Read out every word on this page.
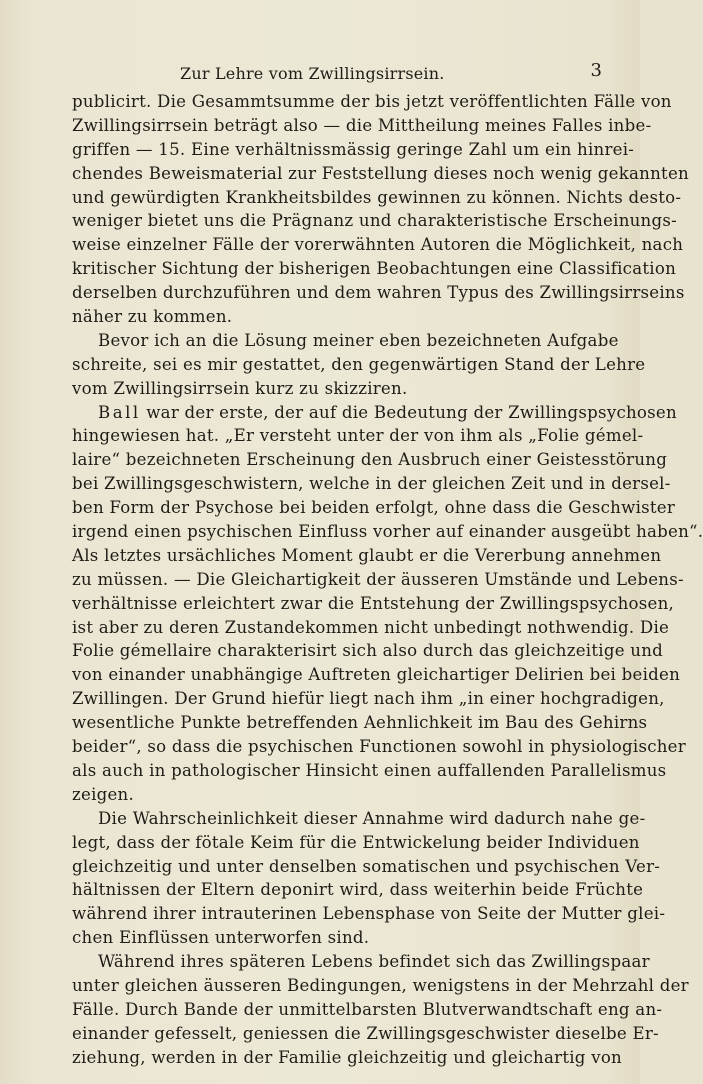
Zur Lehre vom Zwillingsirrsein.	3
publicirt. Die Gesammtsumme der bis jetzt veröffentlichten Fälle von
Zwillingsirrsein beträgt also — die Mittheilung meines Falles inbe-
griffen — 15. Eine verhältnissmässig geringe Zahl um ein hinrei-
chendes Beweismaterial zur Feststellung dieses noch wenig gekannten
und gewürdigten Krankheitsbildes gewinnen zu können. Nichts desto-
weniger bietet uns die Prägnanz und charakteristische Erscheinungs-
weise einzelner Fälle der vorerwähnten Autoren die Möglichkeit, nach
kritischer Sichtung der bisherigen Beobachtungen eine Classification
derselben durchzuführen und dem wahren Typus des Zwillingsirrseins
näher zu kommen.
Bevor ich an die Lösung meiner eben bezeichneten Aufgabe
schreite, sei es mir gestattet, den gegenwärtigen Stand der Lehre
vom Zwillingsirrsein kurz zu skizziren.
Ball war der erste, der auf die Bedeutung der Zwillingspsychosen
hingewiesen hat. „Er versteht unter der von ihm als „Folie gémel-
laire“ bezeichneten Erscheinung den Ausbruch einer Geistesstörung
bei Zwillingsgeschwistern, welche in der gleichen Zeit und in dersel-
ben Form der Psychose bei beiden erfolgt, ohne dass die Geschwister
irgend einen psychischen Einfluss vorher auf einander ausgeübt haben“.
Als letztes ursächliches Moment glaubt er die Vererbung annehmen
zu müssen. — Die Gleichartigkeit der äusseren Umstände und Lebens-
verhältnisse erleichtert zwar die Entstehung der Zwillingspsychosen,
ist aber zu deren Zustandekommen nicht unbedingt nothwendig. Die
Folie gémellaire charakterisirt sich also durch das gleichzeitige und
von einander unabhängige Auftreten gleichartiger Delirien bei beiden
Zwillingen. Der Grund hiefür liegt nach ihm „in einer hochgradigen,
wesentliche Punkte betreffenden Aehnlichkeit im Bau des Gehirns
beider“, so dass die psychischen Functionen sowohl in physiologischer
als auch in pathologischer Hinsicht einen auffallenden Parallelismus
zeigen.
Die Wahrscheinlichkeit dieser Annahme wird dadurch nahe ge-
legt, dass der fötale Keim für die Entwickelung beider Individuen
gleichzeitig und unter denselben somatischen und psychischen Ver-
hältnissen der Eltern deponirt wird, dass weiterhin beide Früchte
während ihrer intrauterinen Lebensphase von Seite der Mutter glei-
chen Einflüssen unterworfen sind.
Während ihres späteren Lebens befindet sich das Zwillingspaar
unter gleichen äusseren Bedingungen, wenigstens in der Mehrzahl der
Fälle. Durch Bande der unmittelbarsten Blutverwandtschaft eng an-
einander gefesselt, geniessen die Zwillingsgeschwister dieselbe Er-
ziehung, werden in der Familie gleichzeitig und gleichartig von
